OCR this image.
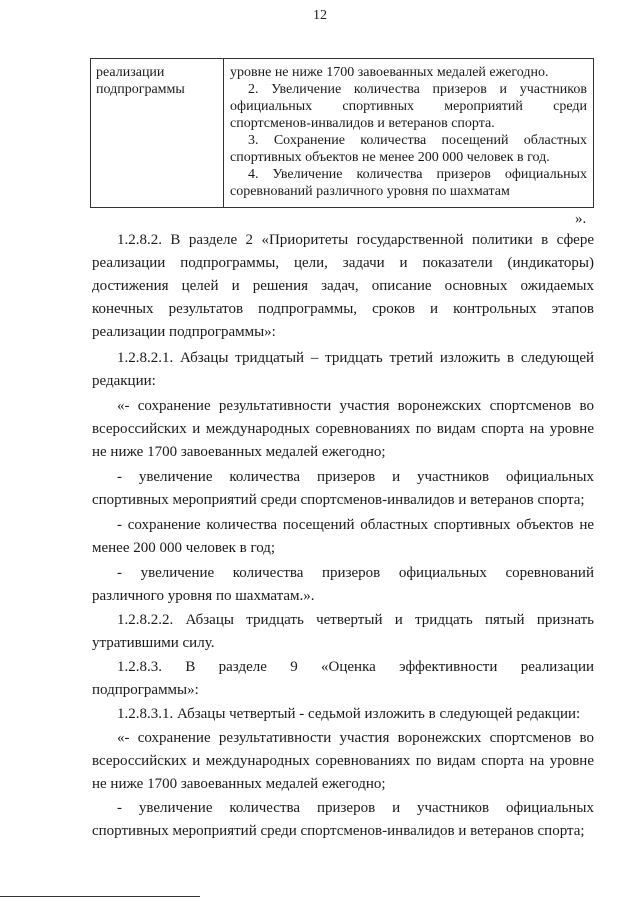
12
реализации
подпрограммы
уровне не ниже 1700 завоеванных медалей ежегодно.
2. Увеличение количества призеров и участников
официальных спортивных мероприятий среди
спортсменов-инвалидов и ветеранов спорта.
3. Сохранение количества посещений областных
спортивных объектов не менее 200 000 человек в год.
4. Увеличение количества призеров официальных
соревнований различного уровня по шахматам
».
1.2.8.2. В разделе 2 «Приоритеты государственной политики в сфере
реализации подпрограммы, цели, задачи и показатели (индикаторы)
достижения целей и решения задач, описание основных ожидаемых
конечных результатов подпрограммы, сроков и контрольных этапов
реализации подпрограммы»:
1.2.8.2.1. Абзацы тридцатый – тридцать третий изложить в следующей
редакции:
«- сохранение результативности участия воронежских спортсменов во
всероссийских и международных соревнованиях по видам спорта на уровне
не ниже 1700 завоеванных медалей ежегодно;
- увеличение количества призеров и участников официальных
спортивных мероприятий среди спортсменов-инвалидов и ветеранов спорта;
- сохранение количества посещений областных спортивных объектов не
менее 200 000 человек в год;
- увеличение количества призеров официальных соревнований
различного уровня по шахматам.».
1.2.8.2.2. Абзацы тридцать четвертый и тридцать пятый признать
утратившими силу.
1.2.8.3. В разделе 9 «Оценка эффективности реализации
подпрограммы»:
1.2.8.3.1. Абзацы четвертый - седьмой изложить в следующей редакции:
«- сохранение результативности участия воронежских спортсменов во
всероссийских и международных соревнованиях по видам спорта на уровне
не ниже 1700 завоеванных медалей ежегодно;
- увеличение количества призеров и участников официальных
спортивных мероприятий среди спортсменов-инвалидов и ветеранов спорта;
